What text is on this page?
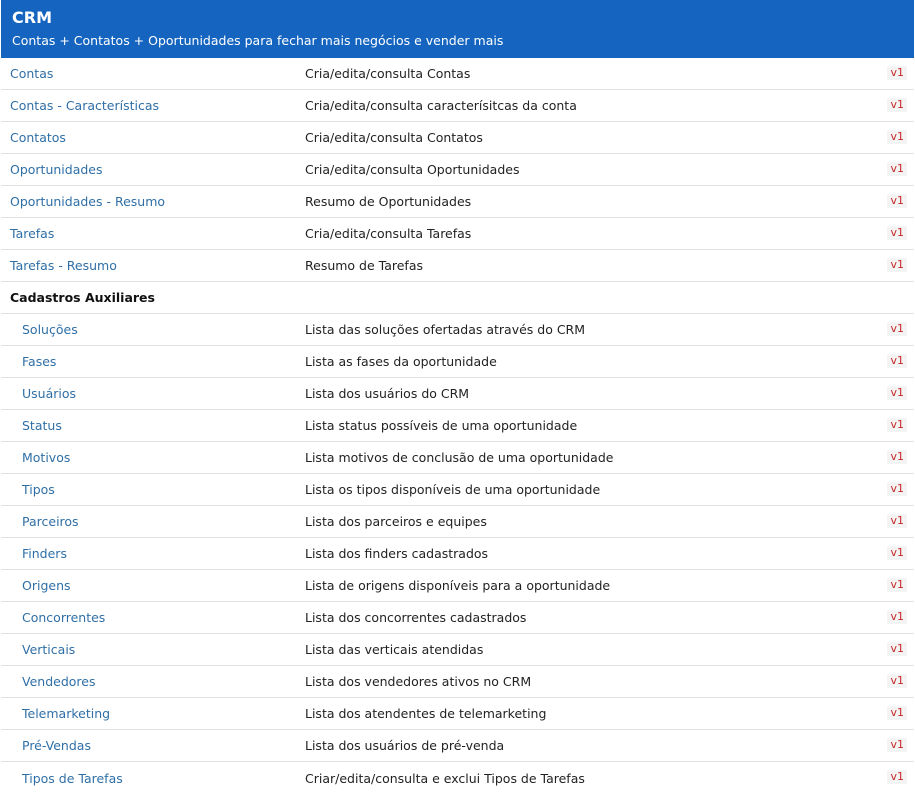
CRM
Contas + Contatos + Oportunidades para fechar mais negócios e vender mais
Contas	Cria/edita/consulta Contas	v1
Contas - Características	Cria/edita/consulta caracterísitcas da conta	v1
Contatos	Cria/edita/consulta Contatos	v1
Oportunidades	Cria/edita/consulta Oportunidades	v1
Oportunidades - Resumo	Resumo de Oportunidades	v1
Tarefas	Cria/edita/consulta Tarefas	v1
Tarefas - Resumo	Resumo de Tarefas	v1
Cadastros Auxiliares
Soluções	Lista das soluções ofertadas através do CRM	v1
Fases	Lista as fases da oportunidade	v1
Usuários	Lista dos usuários do CRM	v1
Status	Lista status possíveis de uma oportunidade	v1
Motivos	Lista motivos de conclusão de uma oportunidade	v1
Tipos	Lista os tipos disponíveis de uma oportunidade	v1
Parceiros	Lista dos parceiros e equipes	v1
Finders	Lista dos finders cadastrados	v1
Origens	Lista de origens disponíveis para a oportunidade	v1
Concorrentes	Lista dos concorrentes cadastrados	v1
Verticais	Lista das verticais atendidas	v1
Vendedores	Lista dos vendedores ativos no CRM	v1
Telemarketing	Lista dos atendentes de telemarketing	v1
Pré-Vendas	Lista dos usuários de pré-venda	v1
Tipos de Tarefas	Criar/edita/consulta e exclui Tipos de Tarefas	v1
